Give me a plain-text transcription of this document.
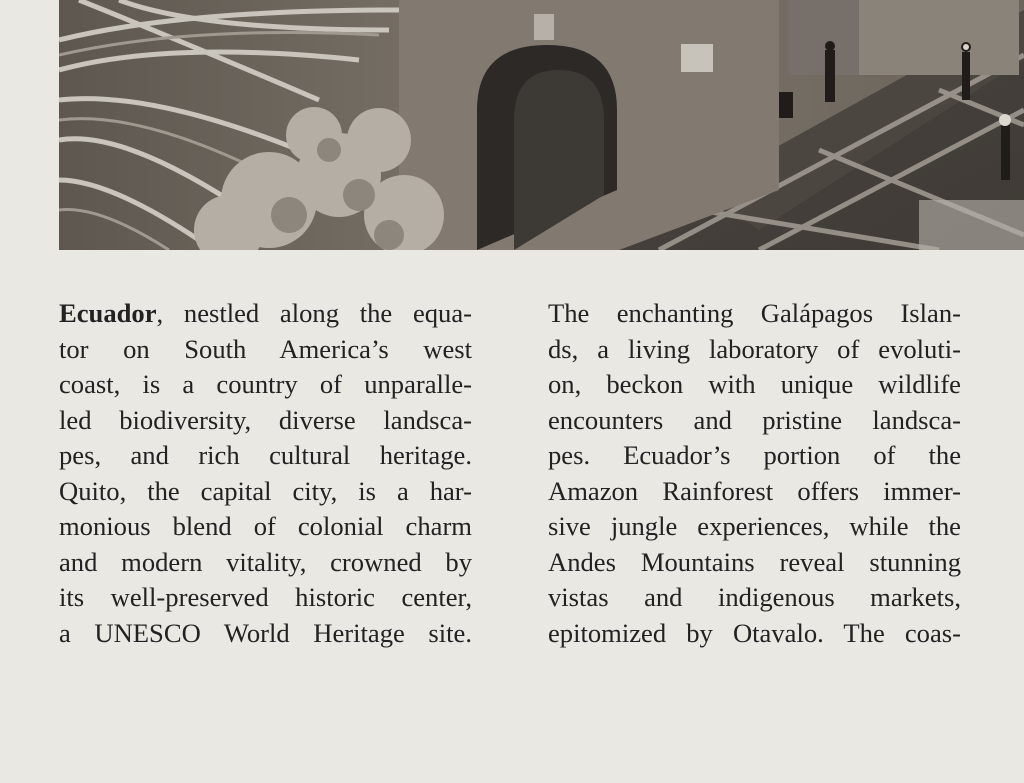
Ecuador, nestled along the equa-
tor on South America’s west
coast, is a country of unparalle-
led biodiversity, diverse landsca-
pes, and rich cultural heritage.
Quito, the capital city, is a har-
monious blend of colonial charm
and modern vitality, crowned by
its well-preserved historic center,
a UNESCO World Heritage site.
The enchanting Galápagos Islan-
ds, a living laboratory of evoluti-
on, beckon with unique wildlife
encounters and pristine landsca-
pes. Ecuador’s portion of the
Amazon Rainforest offers immer-
sive jungle experiences, while the
Andes Mountains reveal stunning
vistas and indigenous markets,
epitomized by Otavalo. The coas-
